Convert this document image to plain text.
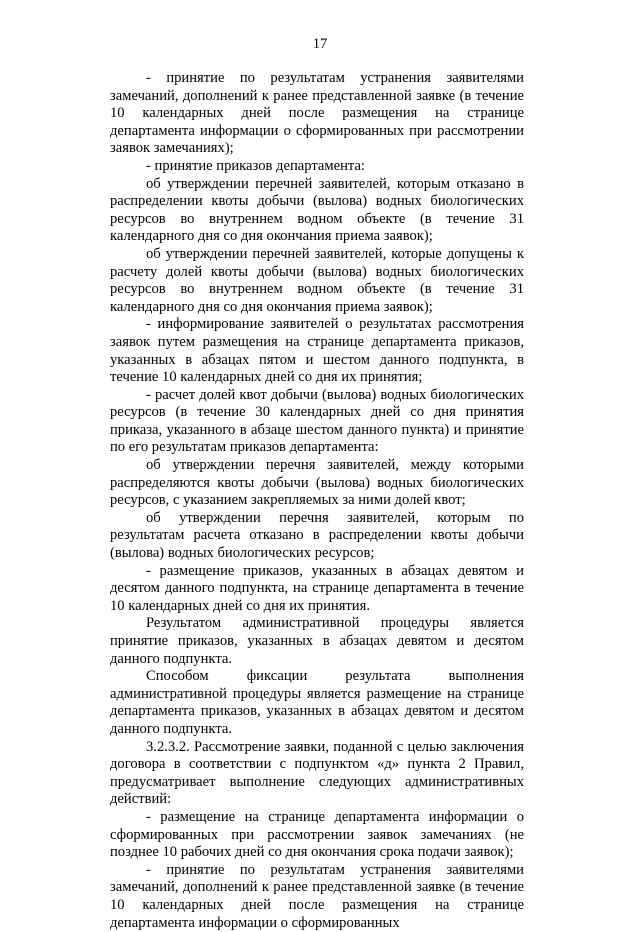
17

- принятие по результатам устранения заявителями замечаний, дополнений к ранее представленной заявке (в течение 10 календарных дней после размещения на странице департамента информации о сформированных при рассмотрении заявок замечаниях);

- принятие приказов департамента:

об утверждении перечней заявителей, которым отказано в распределении квоты добычи (вылова) водных биологических ресурсов во внутреннем водном объекте (в течение 31 календарного дня со дня окончания приема заявок);

об утверждении перечней заявителей, которые допущены к расчету долей квоты добычи (вылова) водных биологических ресурсов во внутреннем водном объекте (в течение 31 календарного дня со дня окончания приема заявок);

- информирование заявителей о результатах рассмотрения заявок путем размещения на странице департамента приказов, указанных в абзацах пятом и шестом данного подпункта, в течение 10 календарных дней со дня их принятия;

- расчет долей квот добычи (вылова) водных биологических ресурсов (в течение 30 календарных дней со дня принятия приказа, указанного в абзаце шестом данного пункта) и принятие по его результатам приказов департамента:

об утверждении перечня заявителей, между которыми распределяются квоты добычи (вылова) водных биологических ресурсов, с указанием закрепляемых за ними долей квот;

об утверждении перечня заявителей, которым по результатам расчета отказано в распределении квоты добычи (вылова) водных биологических ресурсов;

- размещение приказов, указанных в абзацах девятом и десятом данного подпункта, на странице департамента в течение 10 календарных дней со дня их принятия.

Результатом административной процедуры является принятие приказов, указанных в абзацах девятом и десятом данного подпункта.

Способом фиксации результата выполнения административной процедуры является размещение на странице департамента приказов, указанных в абзацах девятом и десятом данного подпункта.

3.2.3.2. Рассмотрение заявки, поданной с целью заключения договора в соответствии с подпунктом «д» пункта 2 Правил, предусматривает выполнение следующих административных действий:

- размещение на странице департамента информации о сформированных при рассмотрении заявок замечаниях (не позднее 10 рабочих дней со дня окончания срока подачи заявок);

- принятие по результатам устранения заявителями замечаний, дополнений к ранее представленной заявке (в течение 10 календарных дней после размещения на странице департамента информации о сформированных
